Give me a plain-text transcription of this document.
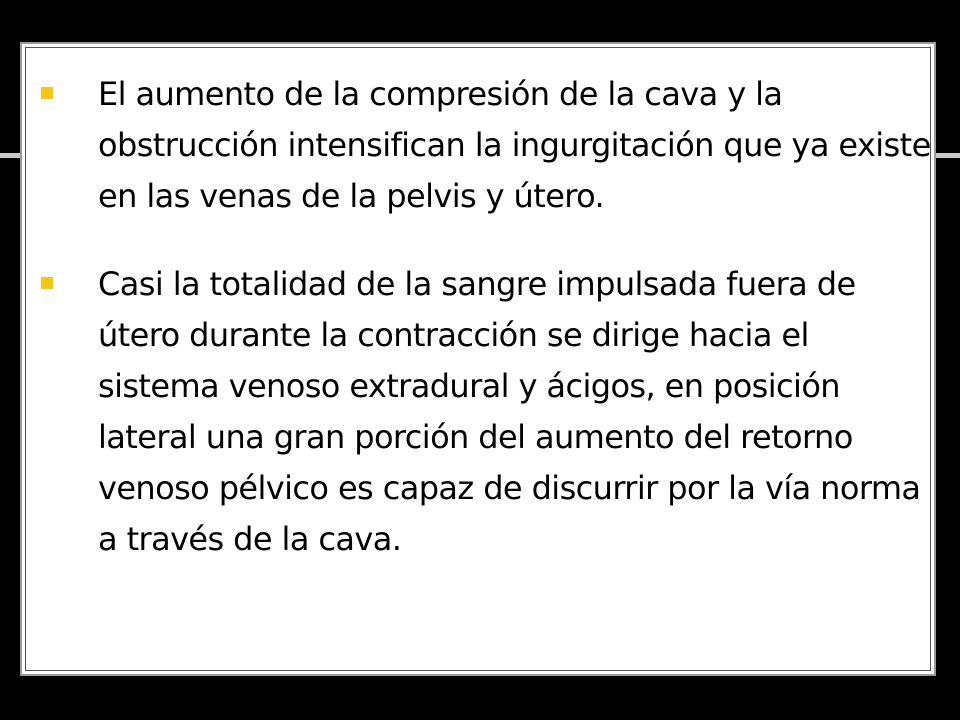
El aumento de la compresión de la cava y la obstrucción intensifican la ingurgitación que ya existe en las venas de la pelvis y útero.
Casi la totalidad de la sangre impulsada fuera de útero durante la contracción se dirige hacia el sistema venoso extradural y ácigos, en posición lateral una gran porción del aumento del retorno venoso pélvico es capaz de discurrir por la vía norma a través de la cava.
